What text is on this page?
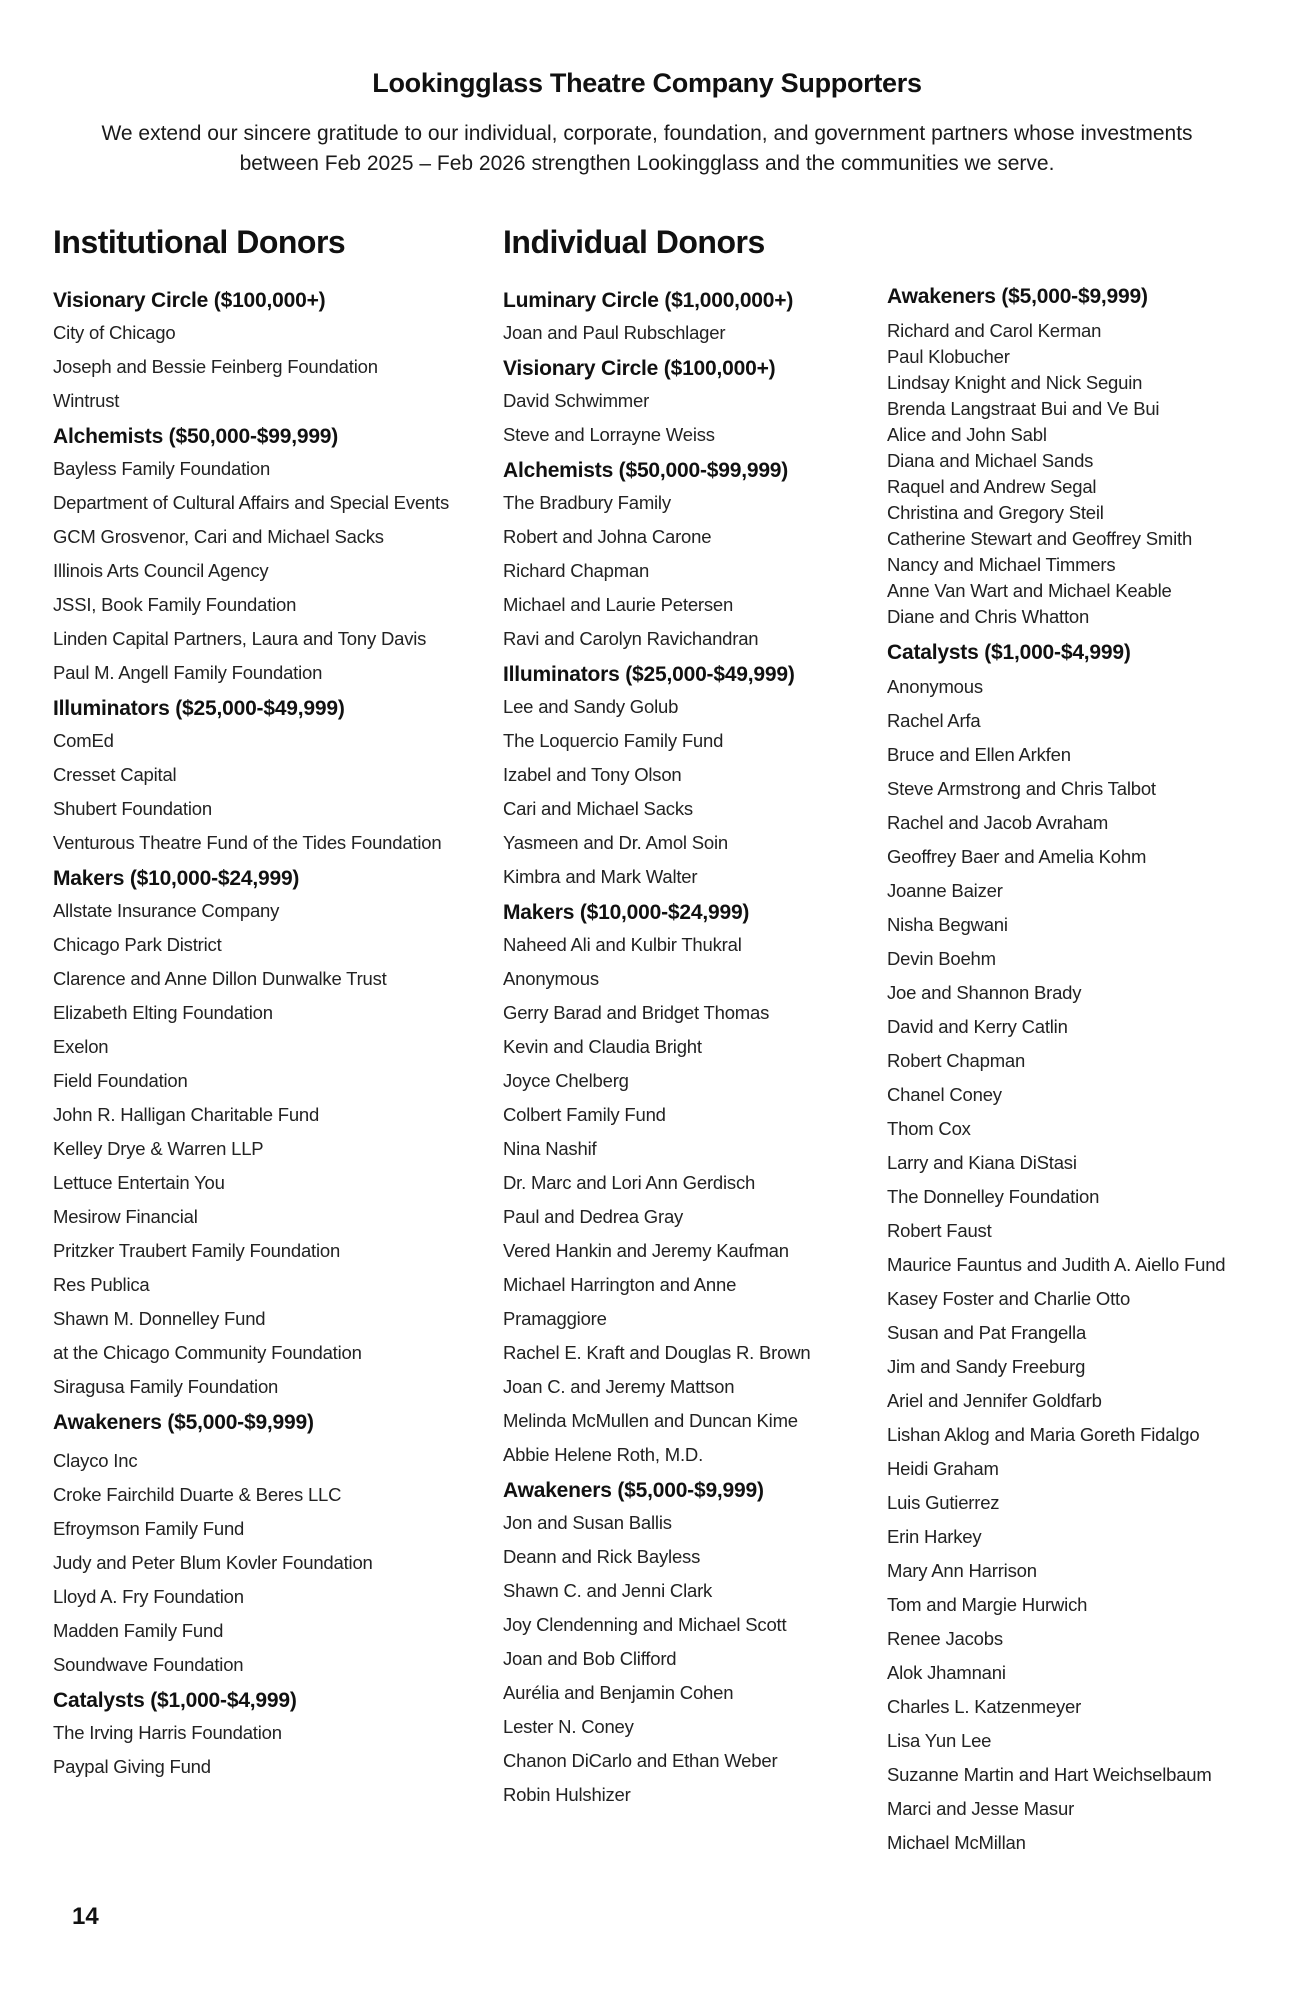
Lookingglass Theatre Company Supporters

We extend our sincere gratitude to our individual, corporate, foundation, and government partners whose investments between Feb 2025 – Feb 2026 strengthen Lookingglass and the communities we serve.

Institutional Donors
Visionary Circle ($100,000+)
City of Chicago
Joseph and Bessie Feinberg Foundation
Wintrust
Alchemists ($50,000-$99,999)
Bayless Family Foundation
Department of Cultural Affairs and Special Events
GCM Grosvenor, Cari and Michael Sacks
Illinois Arts Council Agency
JSSI, Book Family Foundation
Linden Capital Partners, Laura and Tony Davis
Paul M. Angell Family Foundation
Illuminators ($25,000-$49,999)
ComEd
Cresset Capital
Shubert Foundation
Venturous Theatre Fund of the Tides Foundation
Makers ($10,000-$24,999)
Allstate Insurance Company
Chicago Park District
Clarence and Anne Dillon Dunwalke Trust
Elizabeth Elting Foundation
Exelon
Field Foundation
John R. Halligan Charitable Fund
Kelley Drye & Warren LLP
Lettuce Entertain You
Mesirow Financial
Pritzker Traubert Family Foundation
Res Publica
Shawn M. Donnelley Fund
at the Chicago Community Foundation
Siragusa Family Foundation
Awakeners ($5,000-$9,999)
Clayco Inc
Croke Fairchild Duarte & Beres LLC
Efroymson Family Fund
Judy and Peter Blum Kovler Foundation
Lloyd A. Fry Foundation
Madden Family Fund
Soundwave Foundation
Catalysts ($1,000-$4,999)
The Irving Harris Foundation
Paypal Giving Fund
Individual Donors
Luminary Circle ($1,000,000+)
Joan and Paul Rubschlager
Visionary Circle ($100,000+)
David Schwimmer
Steve and Lorrayne Weiss
Alchemists ($50,000-$99,999)
The Bradbury Family
Robert and Johna Carone
Richard Chapman
Michael and Laurie Petersen
Ravi and Carolyn Ravichandran
Illuminators ($25,000-$49,999)
Lee and Sandy Golub
The Loquercio Family Fund
Izabel and Tony Olson
Cari and Michael Sacks
Yasmeen and Dr. Amol Soin
Kimbra and Mark Walter
Makers ($10,000-$24,999)
Naheed Ali and Kulbir Thukral
Anonymous
Gerry Barad and Bridget Thomas
Kevin and Claudia Bright
Joyce Chelberg
Colbert Family Fund
Nina Nashif
Dr. Marc and Lori Ann Gerdisch
Paul and Dedrea Gray
Vered Hankin and Jeremy Kaufman
Michael Harrington and Anne
Pramaggiore
Rachel E. Kraft and Douglas R. Brown
Joan C. and Jeremy Mattson
Melinda McMullen and Duncan Kime
Abbie Helene Roth, M.D.
Awakeners ($5,000-$9,999)
Jon and Susan Ballis
Deann and Rick Bayless
Shawn C. and Jenni Clark
Joy Clendenning and Michael Scott
Joan and Bob Clifford
Aurélia and Benjamin Cohen
Lester N. Coney
Chanon DiCarlo and Ethan Weber
Robin Hulshizer
Awakeners ($5,000-$9,999)
Richard and Carol Kerman
Paul Klobucher
Lindsay Knight and Nick Seguin
Brenda Langstraat Bui and Ve Bui
Alice and John Sabl
Diana and Michael Sands
Raquel and Andrew Segal
Christina and Gregory Steil
Catherine Stewart and Geoffrey Smith
Nancy and Michael Timmers
Anne Van Wart and Michael Keable
Diane and Chris Whatton
Catalysts ($1,000-$4,999)
Anonymous
Rachel Arfa
Bruce and Ellen Arkfen
Steve Armstrong and Chris Talbot
Rachel and Jacob Avraham
Geoffrey Baer and Amelia Kohm
Joanne Baizer
Nisha Begwani
Devin Boehm
Joe and Shannon Brady
David and Kerry Catlin
Robert Chapman
Chanel Coney
Thom Cox
Larry and Kiana DiStasi
The Donnelley Foundation
Robert Faust
Maurice Fauntus and Judith A. Aiello Fund
Kasey Foster and Charlie Otto
Susan and Pat Frangella
Jim and Sandy Freeburg
Ariel and Jennifer Goldfarb
Lishan Aklog and Maria Goreth Fidalgo
Heidi Graham
Luis Gutierrez
Erin Harkey
Mary Ann Harrison
Tom and Margie Hurwich
Renee Jacobs
Alok Jhamnani
Charles L. Katzenmeyer
Lisa Yun Lee
Suzanne Martin and Hart Weichselbaum
Marci and Jesse Masur
Michael McMillan
14
